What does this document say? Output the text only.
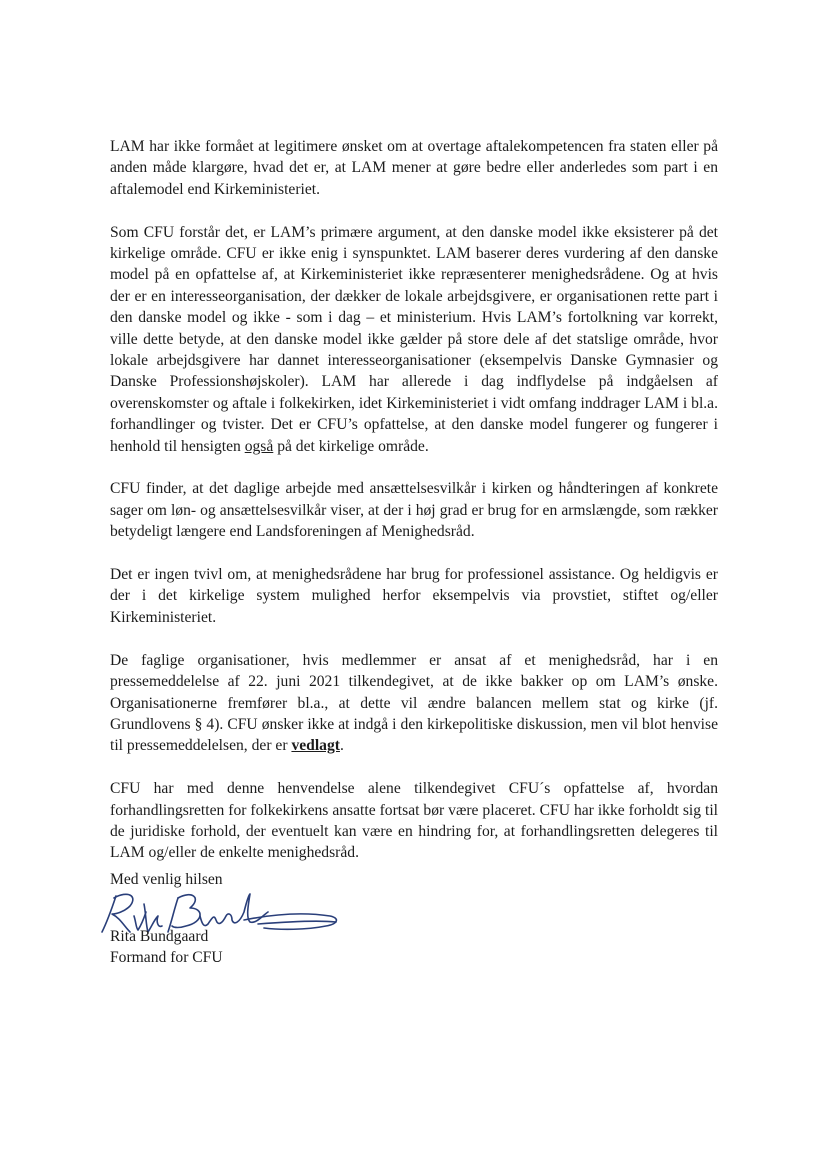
LAM har ikke formået at legitimere ønsket om at overtage aftalekompetencen fra staten eller på anden måde klargøre, hvad det er, at LAM mener at gøre bedre eller anderledes som part i en aftalemodel end Kirkeministeriet.

Som CFU forstår det, er LAM’s primære argument, at den danske model ikke eksisterer på det kirkelige område. CFU er ikke enig i synspunktet. LAM baserer deres vurdering af den danske model på en opfattelse af, at Kirkeministeriet ikke repræsenterer menighedsrådene. Og at hvis der er en interesseorganisation, der dækker de lokale arbejdsgivere, er organisationen rette part i den danske model og ikke - som i dag – et ministerium. Hvis LAM’s fortolkning var korrekt, ville dette betyde, at den danske model ikke gælder på store dele af det statslige område, hvor lokale arbejdsgivere har dannet interesseorganisationer (eksempelvis Danske Gymnasier og Danske Professionshøjskoler). LAM har allerede i dag indflydelse på indgåelsen af overenskomster og aftale i folkekirken, idet Kirkeministeriet i vidt omfang inddrager LAM i bl.a. forhandlinger og tvister. Det er CFU’s opfattelse, at den danske model fungerer og fungerer i henhold til hensigten også på det kirkelige område.

CFU finder, at det daglige arbejde med ansættelsesvilkår i kirken og håndteringen af konkrete sager om løn- og ansættelsesvilkår viser, at der i høj grad er brug for en armslængde, som rækker betydeligt længere end Landsforeningen af Menighedsråd.

Det er ingen tvivl om, at menighedsrådene har brug for professionel assistance. Og heldigvis er der i det kirkelige system mulighed herfor eksempelvis via provstiet, stiftet og/eller Kirkeministeriet.

De faglige organisationer, hvis medlemmer er ansat af et menighedsråd, har i en pressemeddelelse af 22. juni 2021 tilkendegivet, at de ikke bakker op om LAM’s ønske. Organisationerne fremfører bl.a., at dette vil ændre balancen mellem stat og kirke (jf. Grundlovens § 4). CFU ønsker ikke at indgå i den kirkepolitiske diskussion, men vil blot henvise til pressemeddelelsen, der er vedlagt.

CFU har med denne henvendelse alene tilkendegivet CFU´s opfattelse af, hvordan forhandlingsretten for folkekirkens ansatte fortsat bør være placeret. CFU har ikke forholdt sig til de juridiske forhold, der eventuelt kan være en hindring for, at forhandlingsretten delegeres til LAM og/eller de enkelte menighedsråd.

Med venlig hilsen

Rita Bundgaard
Formand for CFU
